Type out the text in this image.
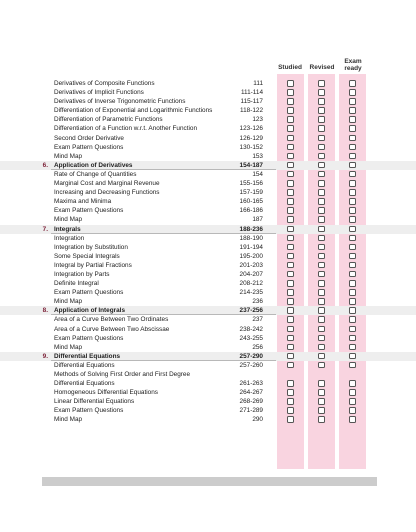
Studied	Revised
Exam
ready
Derivatives of Composite Functions	111
Derivatives of Implicit Functions	111-114
Derivatives of Inverse Trigonometric Functions	115-117
Differentiation of Exponential and Logarithmic Functions	118-122
Differentiation of Parametric Functions	123
Differentiation of a Function w.r.t. Another Function	123-126
Second Order Derivative	126-129
Exam Pattern Questions	130-152
Mind Map	153
6. Application of Derivatives	154-187
Rate of Change of Quantities	154
Marginal Cost and Marginal Revenue	155-156
Increasing and Decreasing Functions	157-159
Maxima and Minima	160-165
Exam Pattern Questions	166-186
Mind Map	187
7. Integrals	188-236
Integration	188-190
Integration by Substitution	191-194
Some Special Integrals	195-200
Integral by Partial Fractions	201-203
Integration by Parts	204-207
Definite Integral	208-212
Exam Pattern Questions	214-235
Mind Map	236
8. Application of Integrals	237-256
Area of a Curve Between Two Ordinates	237
Area of a Curve Between Two Abscissae	238-242
Exam Pattern Questions	243-255
Mind Map	256
9. Differential Equations	257-290
Differential Equations	257-260
Methods of Solving First Order and First Degree
Differential Equations	261-263
Homogeneous Differential Equations	264-267
Linear Differential Equations	268-269
Exam Pattern Questions	271-289
Mind Map	290
